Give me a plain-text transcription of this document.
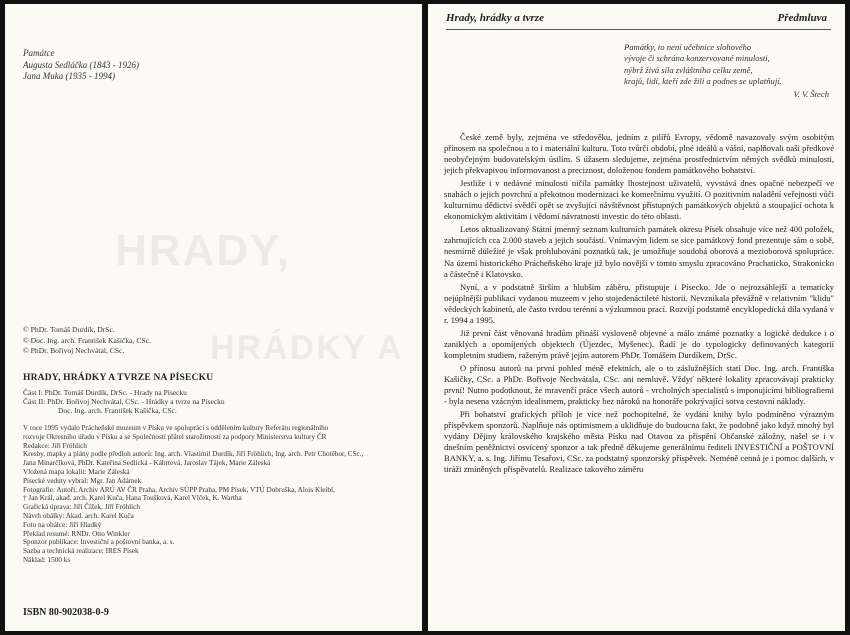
HRADY,
HRÁDKY A
Památce
Augusta Sedláčka (1843 - 1926)
Jana Muka (1935 - 1994)
© PhDr. Tomáš Durdík, DrSc.
© Doc. Ing. arch. František Kašička, CSc.
© PhDr. Bořivoj Nechvátal, CSc.
HRADY, HRÁDKY A TVRZE NA PÍSECKU
Část I: PhDr. Tomáš Durdík, DrSc. - Hrady na Písecku
Část II: PhDr. Bořivoj Nechvátal, CSc. - Hrádky a tvrze na Písecku
Doc. Ing. arch. František Kašička, CSc.
V roce 1995 vydalo Prácheňské muzeum v Písku ve spolupráci s oddělením kultury Referátu regionálního
rozvoje Okresního úřadu v Písku a se Společností přátel starožitností za podpory Ministerstva kultury ČR
Redakce: Jiří Fröhlich
Kresby, mapky a plány podle předloh autorů: Ing. arch. Vlastimil Durdík, Jiří Fröhlich, Ing. arch. Petr Chotěbor, CSc.,
Jana Minarčíková, PhDr. Kateřina Sedlická - Kábrtová, Jaroslav Tájek, Marie Záleská
Vložená mapa lokalit: Marie Záleská
Písecké veduty vybral: Mgr. Jan Adámek
Fotografie: Autoři, Archiv ARÚ AV ČR Praha, Archiv SÚPP Praha, PM Písek, VTÚ Dobruška, Alois Kleibl,
† Jan Král, akad. arch. Karel Kuča, Hana Toušková, Karel Vlček, K. Wartha
Grafická úprava: Jiří Čížek, Jiří Fröhlich
Návrh obálky: Akad. arch. Karel Kuča
Foto na obálce: Jiří Hladký
Překlad resumé: RNDr. Otto Winkler
Sponzor publikace: Investiční a poštovní banka, a. s.
Sazba a technická realizace: IRES Písek
Náklad: 1500 ks
ISBN 80-902038-0-9
Hrady, hrádky a tvrze	Předmluva
Památky, to není učebnice slohového
vývoje či schrána konzervované minulosti,
nýbrž živá síla zvláštního celku země,
krajů, lidí, kteří zde žili a podnes se uplatňují.
V. V. Štech

České země byly, zejména ve středověku, jedním z pilířů Evropy, vědomě navazovaly svým osobitým přínosem na společnou a to i materiální kulturu. Toto tvůrčí období, plné ideálů a vášní, naplňovali naši předkové neobyčejným budovatelským úsilím. S úžasem sledujeme, zejména prostřednictvím němých svědků minulosti, jejich překvapivou informovanost a preciznost, doloženou fondem památkového bohatství.

Jestliže i v nedávné minulosti ničila památky lhostejnost uživatelů, vyvstává dnes opačné nebezpečí ve snahách o jejich povrchní a překotnou modernizaci ke komerčnímu využití. O pozitivním naladění veřejnosti vůči kulturnímu dědictví svědčí opět se zvyšující návštěvnost přístupných památkových objektů a stoupající ochota k ekonomickým aktivitám i vědomí návratnosti investic do této oblasti.

Letos aktualizovaný Státní jmenný seznam kulturních památek okresu Písek obsahuje více než 400 položek, zahrnujících cca 2.000 staveb a jejich součástí. Vnímavým lidem se sice památkový fond prezentuje sám o sobě, nesmírně důležité je však prohlubování poznatků tak, je umožňuje soudobá oborová a mezioborová spolupráce. Na území historického Prácheňského kraje již bylo novější v tomto smyslu zpracováno Prachaticko, Strakonicko a částečně i Klatovsko.

Nyní, a v podstatně širším a hlubším záběru, přistupuje i Písecko. Jde o nejrozsáhlejší a tematicky nejúplnější publikaci vydanou muzeem v jeho stojedenáctileté historii. Nevznikala převážně v relativním "klidu" vědeckých kabinetů, ale často tvrdou terénní a výzkumnou prací. Rozvíjí podstatně encyklopedická díla vydaná v r. 1994 a 1995.

Již první část věnovaná hradům přináší vysloveně objevné a málo známé poznatky a logické dedukce i o zaniklých a opomíjených objektech (Újezdec, Myšenec). Řadí je do typologicky definovaných kategorií kompletním studiem, raženým právě jejím autorem PhDr. Tomášem Durdíkem, DrSc.

O přínosu autorů na první pohled méně efektních, ale o to záslužnějších statí Doc. Ing. arch. Františka Kašičky, CSc. a PhDr. Bořivoje Nechvátala, CSc. ani nemluvě. Vždyť některé lokality zpracovávají prakticky první! Nutno podotknout, že mravenčí práce všech autorů - vrcholných specialistů s imponujícími bibliografiemi - byla nesena vzácným idealismem, prakticky bez nároků na honoráře pokrývající sotva cestovní náklady.

Při bohatství grafických příloh je více než pochopitelné, že vydání knihy bylo podmíněno výrazným příspěvkem sponzorů. Naplňuje nás optimismem a uklidňuje do budoucna fakt, že podobně jako když mnohý byl vydány Dějiny královského krajského města Písku nad Otavou za přispění Občanské záložny, našel se i v dnešním peněžnictví osvícený sponzor a tak předně děkujeme generálnímu řediteli INVESTIČNÍ a POŠTOVNÍ BANKY, a. s. Ing. Jiřímu Tesařovi, CSc. za podstatný sponzorský příspěvek. Neméně cenná je i pomoc dalších, v tiráži zmíněných přispěvatelů. Realizace takového záměru
